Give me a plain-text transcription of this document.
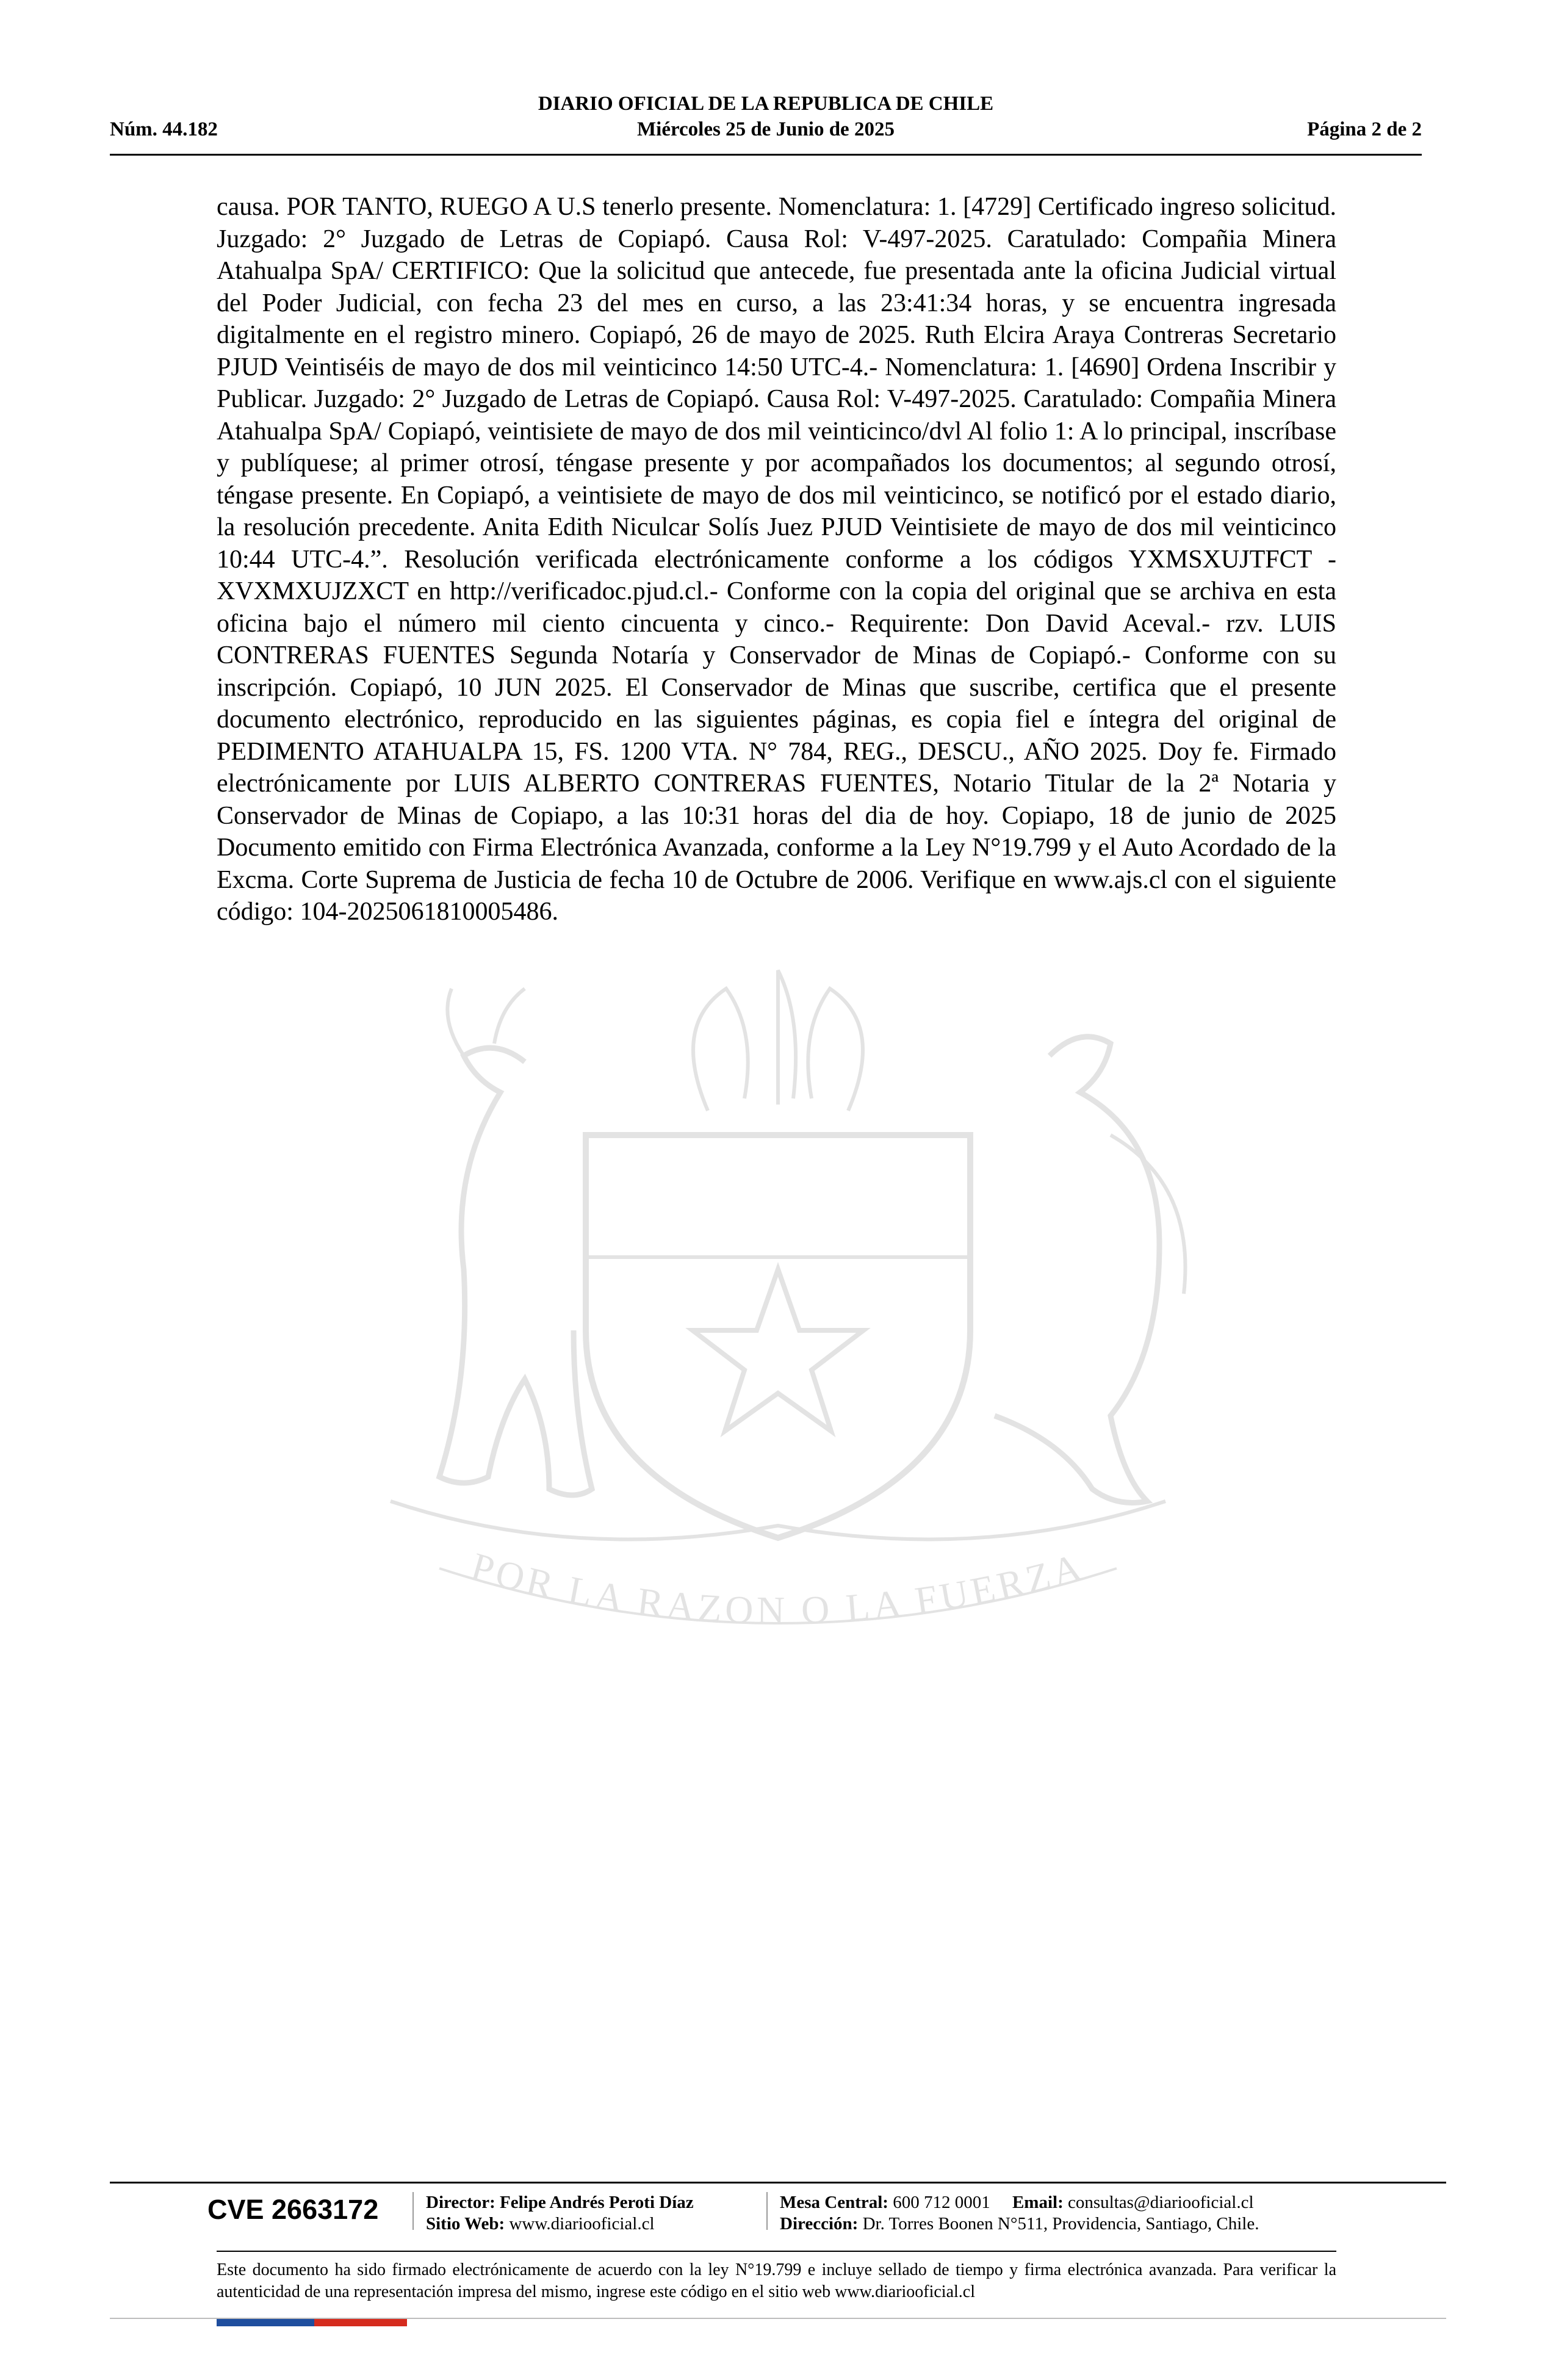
DIARIO OFICIAL DE LA REPUBLICA DE CHILE
Núm. 44.182	Miércoles 25 de Junio de 2025	Página 2 de 2
POR LA RAZON O LA FUERZA
causa. POR TANTO, RUEGO A U.S tenerlo presente. Nomenclatura: 1. [4729] Certificado ingreso solicitud. Juzgado: 2° Juzgado de Letras de Copiapó. Causa Rol: V-497-2025. Caratulado: Compañia Minera Atahualpa SpA/ CERTIFICO: Que la solicitud que antecede, fue presentada ante la oficina Judicial virtual del Poder Judicial, con fecha 23 del mes en curso, a las 23:41:34 horas, y se encuentra ingresada digitalmente en el registro minero. Copiapó, 26 de mayo de 2025. Ruth Elcira Araya Contreras Secretario PJUD Veintiséis de mayo de dos mil veinticinco 14:50 UTC-4.- Nomenclatura: 1. [4690] Ordena Inscribir y Publicar. Juzgado: 2° Juzgado de Letras de Copiapó. Causa Rol: V-497-2025. Caratulado: Compañia Minera Atahualpa SpA/ Copiapó, veintisiete de mayo de dos mil veinticinco/dvl Al folio 1: A lo principal, inscríbase y publíquese; al primer otrosí, téngase presente y por acompañados los documentos; al segundo otrosí, téngase presente. En Copiapó, a veintisiete de mayo de dos mil veinticinco, se notificó por el estado diario, la resolución precedente. Anita Edith Niculcar Solís Juez PJUD Veintisiete de mayo de dos mil veinticinco 10:44 UTC-4.”. Resolución verificada electrónicamente conforme a los códigos YXMSXUJTFCT - XVXMXUJZXCT en http://verificadoc.pjud.cl.- Conforme con la copia del original que se archiva en esta oficina bajo el número mil ciento cincuenta y cinco.- Requirente: Don David Aceval.- rzv. LUIS CONTRERAS FUENTES Segunda Notaría y Conservador de Minas de Copiapó.- Conforme con su inscripción. Copiapó, 10 JUN 2025. El Conservador de Minas que suscribe, certifica que el presente documento electrónico, reproducido en las siguientes páginas, es copia fiel e íntegra del original de PEDIMENTO ATAHUALPA 15, FS. 1200 VTA. N° 784, REG., DESCU., AÑO 2025. Doy fe. Firmado electrónicamente por LUIS ALBERTO CONTRERAS FUENTES, Notario Titular de la 2ª Notaria y Conservador de Minas de Copiapo, a las 10:31 horas del dia de hoy. Copiapo, 18 de junio de 2025 Documento emitido con Firma Electrónica Avanzada, conforme a la Ley N°19.799 y el Auto Acordado de la Excma. Corte Suprema de Justicia de fecha 10 de Octubre de 2006. Verifique en www.ajs.cl con el siguiente código: 104-2025061810005486.
CVE 2663172	Director: Felipe Andrés Peroti Díaz
Sitio Web: www.diariooficial.cl
Mesa Central: 600 712 0001 Email: consultas@diariooficial.cl
Dirección: Dr. Torres Boonen N°511, Providencia, Santiago, Chile.
Este documento ha sido firmado electrónicamente de acuerdo con la ley N°19.799 e incluye sellado de tiempo y firma electrónica avanzada. Para verificar la autenticidad de una representación impresa del mismo, ingrese este código en el sitio web www.diariooficial.cl
